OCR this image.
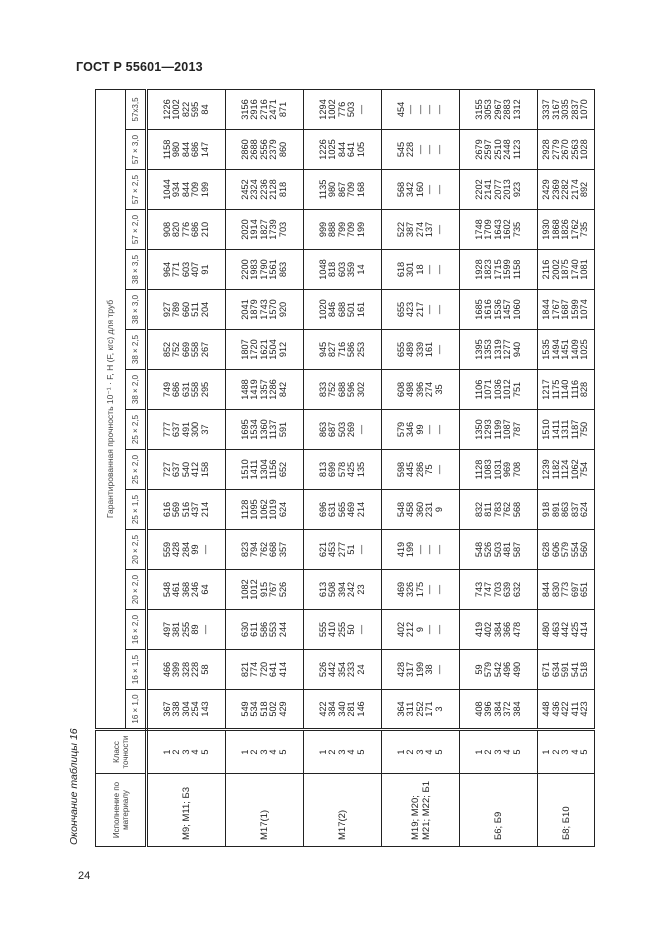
ГОСТ Р 55601—2013
Окончание таблицы 16
24
Исполнение по материалу	Класс точности	Гарантированная прочность 10⁻¹ · F, Н (F, кгс) для труб															
		16 × 1,0	16 × 1,5	16 × 2,0	20 × 2,0	20 × 2,5	25 × 1,5	25 × 2,0	25 × 2,5	38 × 2,0	38 × 2,5	38 × 3,0	38 × 3,5	57 × 2,0	57 × 2,5	57 × 3,0	57х3,5
М9; М11; Б3	1 2 3 4 5	367 338 304 254 143	466 399 328 228 58	497 381 255 89 —	548 461 368 246 64	559 428 284 99 —	616 569 516 437 214	727 637 540 412 158	777 637 491 300 37	749 686 631 558 295	852 752 669 558 267	927 789 660 511 204	964 771 603 407 91	908 820 776 686 210	1044 934 844 709 199	1158 980 844 686 147	1226 1002 822 595 84

М17(1)	1 2 3 4 5	549 534 518 502 429	821 774 720 641 414	630 611 586 553 244	1082 1012 915 767 526	823 794 762 668 357	1128 1095 1062 1019 624	1510 1411 1304 1156 652	1695 1534 1360 1137 591	1488 1419 1357 1286 842	1807 1720 1621 1504 912	2041 1879 1743 1570 920	2200 1983 1790 1561 863	2020 1914 1827 1739 703	2452 2324 2236 2128 818	2860 2688 2556 2379 860	3156 2916 2716 2471 871

М17(2)	1 2 3 4 5	422 384 340 281 146	526 442 354 233 24	555 410 255 50 —	613 508 394 242 23	621 453 277 51 —	696 631 565 469 214	813 699 578 425 135	863 687 503 269 —	833 752 688 596 302	945 827 716 586 253	1020 846 688 501 161	1048 818 603 359 14	999 888 799 709 199	1135 980 867 709 168	1226 1025 844 641 105	1294 1002 776 503 —

М19; М20; М21; М22; Б1	1 2 3 4 5	364 311 252 171 3	428 317 199 38 —	402 212 9 — —	469 326 175 — —	419 199 — — —	548 458 360 231 9	598 445 286 75 —	579 346 99 — —	608 498 396 274 35	655 489 339 161 —	655 423 217 — —	618 301 18 — —	522 387 274 137 —	568 342 160 — —	545 228 — — —	454 — — — —

Б6; Б9	1 2 3 4 5	408 396 384 372 384	59 579 542 496 490	419 402 384 366 478	743 747 703 639 632	548 526 503 481 587	832 811 783 762 568	1128 1083 1031 969 708	1350 1293 1199 1087 787	1106 1071 1036 1012 751	1395 1353 1319 1277 940	1685 1616 1536 1457 1060	1928 1823 1715 1599 1158	1748 1709 1643 1602 735	2202 2141 2077 2013 923	2679 2597 2510 2448 1123	3155 3053 2967 2883 1312

Б8; Б10	1 2 3 4 5	448 436 422 411 423	671 634 591 541 518	480 463 442 425 414	844 830 773 697 651	628 606 579 554 560	918 891 863 837 624	1239 1182 1124 1062 754	1510 1411 1311 1187 750	1217 1175 1140 1116 828	1535 1494 1451 1409 1025	1844 1767 1687 1599 1074	2116 2002 1875 1740 1081	1930 1868 1826 1762 735	2429 2369 2282 2174 892	2928 2779 2670 2563 1028	3337 3167 3035 2837 1070
